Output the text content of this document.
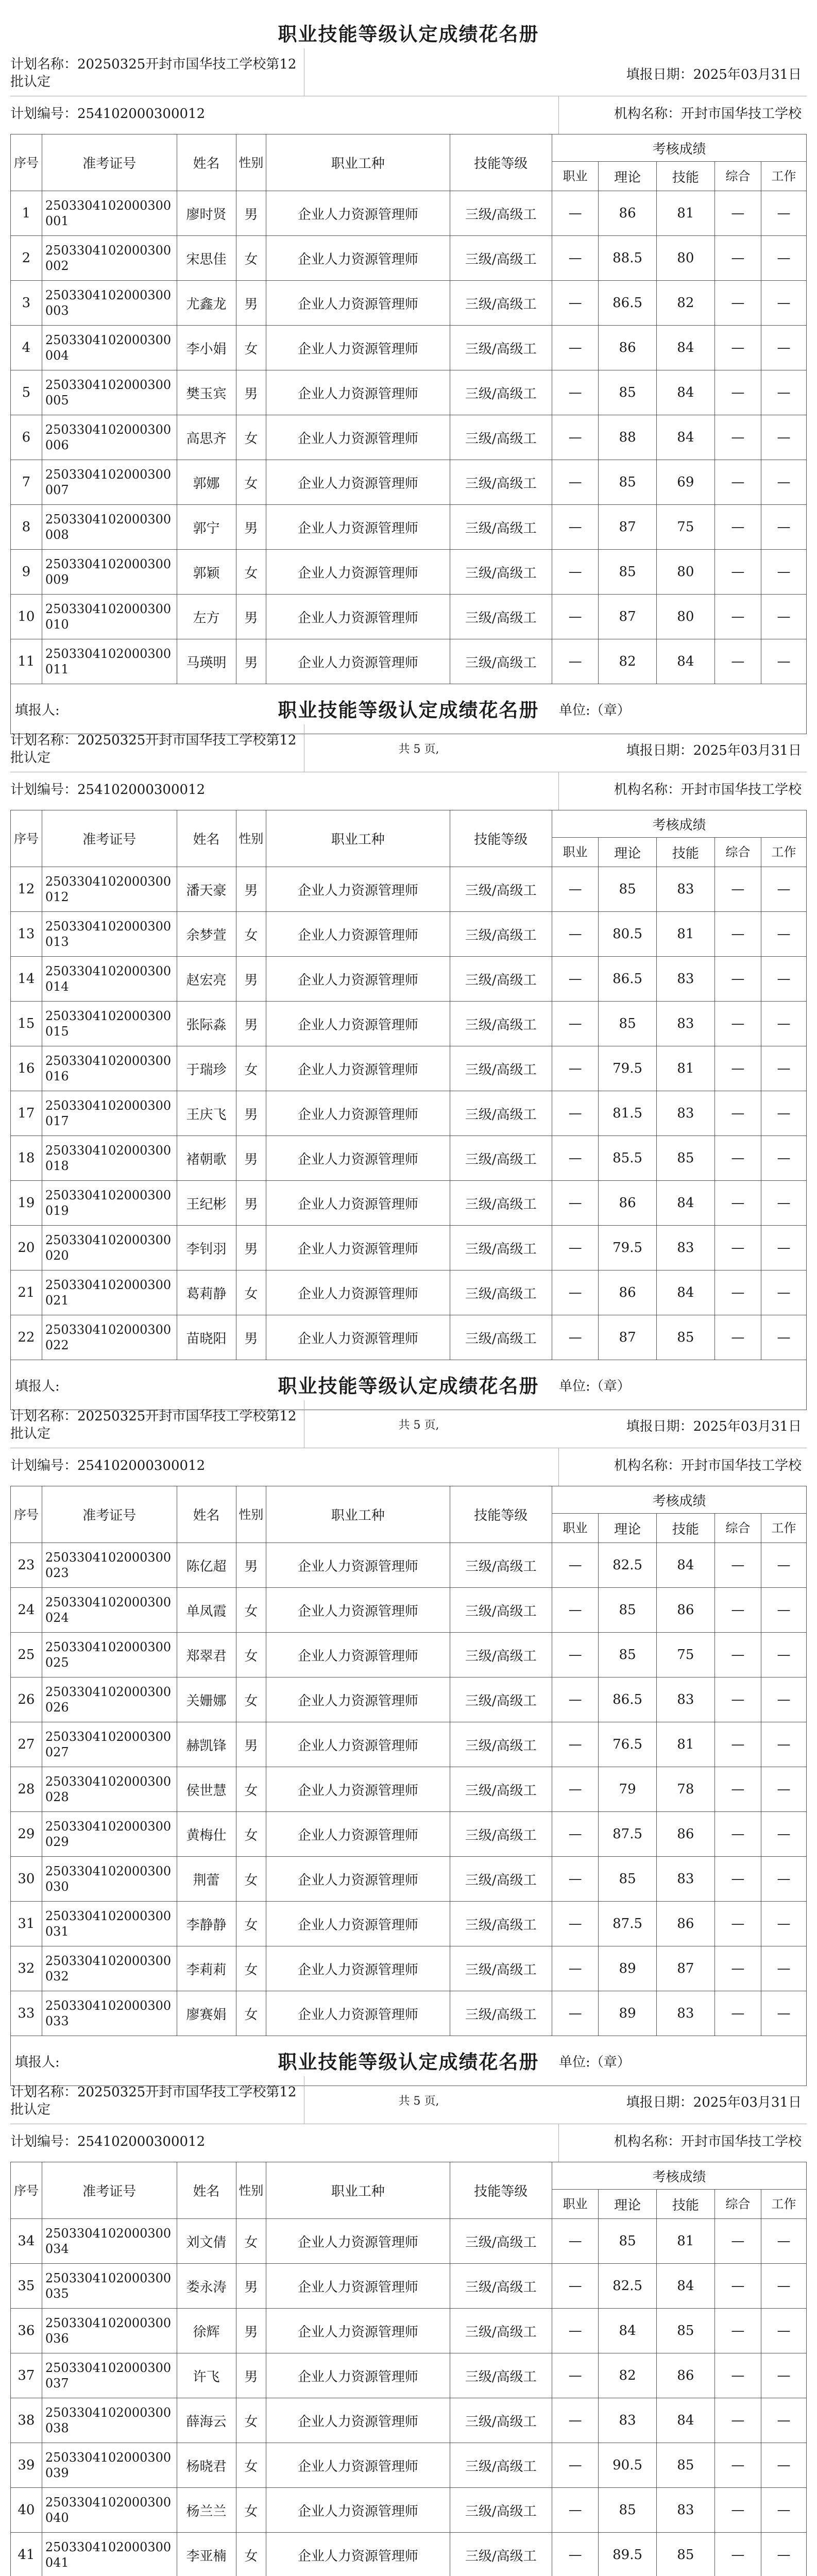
职业技能等级认定成绩花名册
计划名称：20250325开封市国华技工学校第12批认定	填报日期：2025年03月31日
计划编号：254102000300012	机构名称：开封市国华技工学校
序号	准考证号	姓名	性别	职业工种	技能等级	考核成绩				
						职业	理论	技能	综合	工作
1	2503304102000300001	廖时贤	男	企业人力资源管理师	三级/高级工	—	86	81	—	—
2	2503304102000300002	宋思佳	女	企业人力资源管理师	三级/高级工	—	88.5	80	—	—
3	2503304102000300003	尤鑫龙	男	企业人力资源管理师	三级/高级工	—	86.5	82	—	—
4	2503304102000300004	李小娟	女	企业人力资源管理师	三级/高级工	—	86	84	—	—
5	2503304102000300005	樊玉宾	男	企业人力资源管理师	三级/高级工	—	85	84	—	—
6	2503304102000300006	高思齐	女	企业人力资源管理师	三级/高级工	—	88	84	—	—
7	2503304102000300007	郭娜	女	企业人力资源管理师	三级/高级工	—	85	69	—	—
8	2503304102000300008	郭宁	男	企业人力资源管理师	三级/高级工	—	87	75	—	—
9	2503304102000300009	郭颖	女	企业人力资源管理师	三级/高级工	—	85	80	—	—
10	2503304102000300010	左方	男	企业人力资源管理师	三级/高级工	—	87	80	—	—
11	2503304102000300011	马瑛明	男	企业人力资源管理师	三级/高级工	—	82	84	—	—
填报人:	单位:（章）
共 5 页,
职业技能等级认定成绩花名册
计划名称：20250325开封市国华技工学校第12批认定	填报日期：2025年03月31日
计划编号：254102000300012	机构名称：开封市国华技工学校
序号	准考证号	姓名	性别	职业工种	技能等级	考核成绩				
						职业	理论	技能	综合	工作
12	2503304102000300012	潘天豪	男	企业人力资源管理师	三级/高级工	—	85	83	—	—
13	2503304102000300013	余梦萱	女	企业人力资源管理师	三级/高级工	—	80.5	81	—	—
14	2503304102000300014	赵宏亮	男	企业人力资源管理师	三级/高级工	—	86.5	83	—	—
15	2503304102000300015	张际淼	男	企业人力资源管理师	三级/高级工	—	85	83	—	—
16	2503304102000300016	于瑞珍	女	企业人力资源管理师	三级/高级工	—	79.5	81	—	—
17	2503304102000300017	王庆飞	男	企业人力资源管理师	三级/高级工	—	81.5	83	—	—
18	2503304102000300018	褚朝歌	男	企业人力资源管理师	三级/高级工	—	85.5	85	—	—
19	2503304102000300019	王纪彬	男	企业人力资源管理师	三级/高级工	—	86	84	—	—
20	2503304102000300020	李钊羽	男	企业人力资源管理师	三级/高级工	—	79.5	83	—	—
21	2503304102000300021	葛莉静	女	企业人力资源管理师	三级/高级工	—	86	84	—	—
22	2503304102000300022	苗晓阳	男	企业人力资源管理师	三级/高级工	—	87	85	—	—
填报人:	单位:（章）
共 5 页,
职业技能等级认定成绩花名册
计划名称：20250325开封市国华技工学校第12批认定	填报日期：2025年03月31日
计划编号：254102000300012	机构名称：开封市国华技工学校
序号	准考证号	姓名	性别	职业工种	技能等级	考核成绩				
						职业	理论	技能	综合	工作
23	2503304102000300023	陈亿超	男	企业人力资源管理师	三级/高级工	—	82.5	84	—	—
24	2503304102000300024	单凤霞	女	企业人力资源管理师	三级/高级工	—	85	86	—	—
25	2503304102000300025	郑翠君	女	企业人力资源管理师	三级/高级工	—	85	75	—	—
26	2503304102000300026	关姗娜	女	企业人力资源管理师	三级/高级工	—	86.5	83	—	—
27	2503304102000300027	赫凯锋	男	企业人力资源管理师	三级/高级工	—	76.5	81	—	—
28	2503304102000300028	侯世慧	女	企业人力资源管理师	三级/高级工	—	79	78	—	—
29	2503304102000300029	黄梅仕	女	企业人力资源管理师	三级/高级工	—	87.5	86	—	—
30	2503304102000300030	荆蕾	女	企业人力资源管理师	三级/高级工	—	85	83	—	—
31	2503304102000300031	李静静	女	企业人力资源管理师	三级/高级工	—	87.5	86	—	—
32	2503304102000300032	李莉莉	女	企业人力资源管理师	三级/高级工	—	89	87	—	—
33	2503304102000300033	廖赛娟	女	企业人力资源管理师	三级/高级工	—	89	83	—	—
填报人:	单位:（章）
共 5 页,
职业技能等级认定成绩花名册
计划名称：20250325开封市国华技工学校第12批认定	填报日期：2025年03月31日
计划编号：254102000300012	机构名称：开封市国华技工学校
序号	准考证号	姓名	性别	职业工种	技能等级	考核成绩				
						职业	理论	技能	综合	工作
34	2503304102000300034	刘文倩	女	企业人力资源管理师	三级/高级工	—	85	81	—	—
35	2503304102000300035	娄永涛	男	企业人力资源管理师	三级/高级工	—	82.5	84	—	—
36	2503304102000300036	徐辉	男	企业人力资源管理师	三级/高级工	—	84	85	—	—
37	2503304102000300037	许飞	男	企业人力资源管理师	三级/高级工	—	82	86	—	—
38	2503304102000300038	薛海云	女	企业人力资源管理师	三级/高级工	—	83	84	—	—
39	2503304102000300039	杨晓君	女	企业人力资源管理师	三级/高级工	—	90.5	85	—	—
40	2503304102000300040	杨兰兰	女	企业人力资源管理师	三级/高级工	—	85	83	—	—
41	2503304102000300041	李亚楠	女	企业人力资源管理师	三级/高级工	—	89.5	85	—	—
